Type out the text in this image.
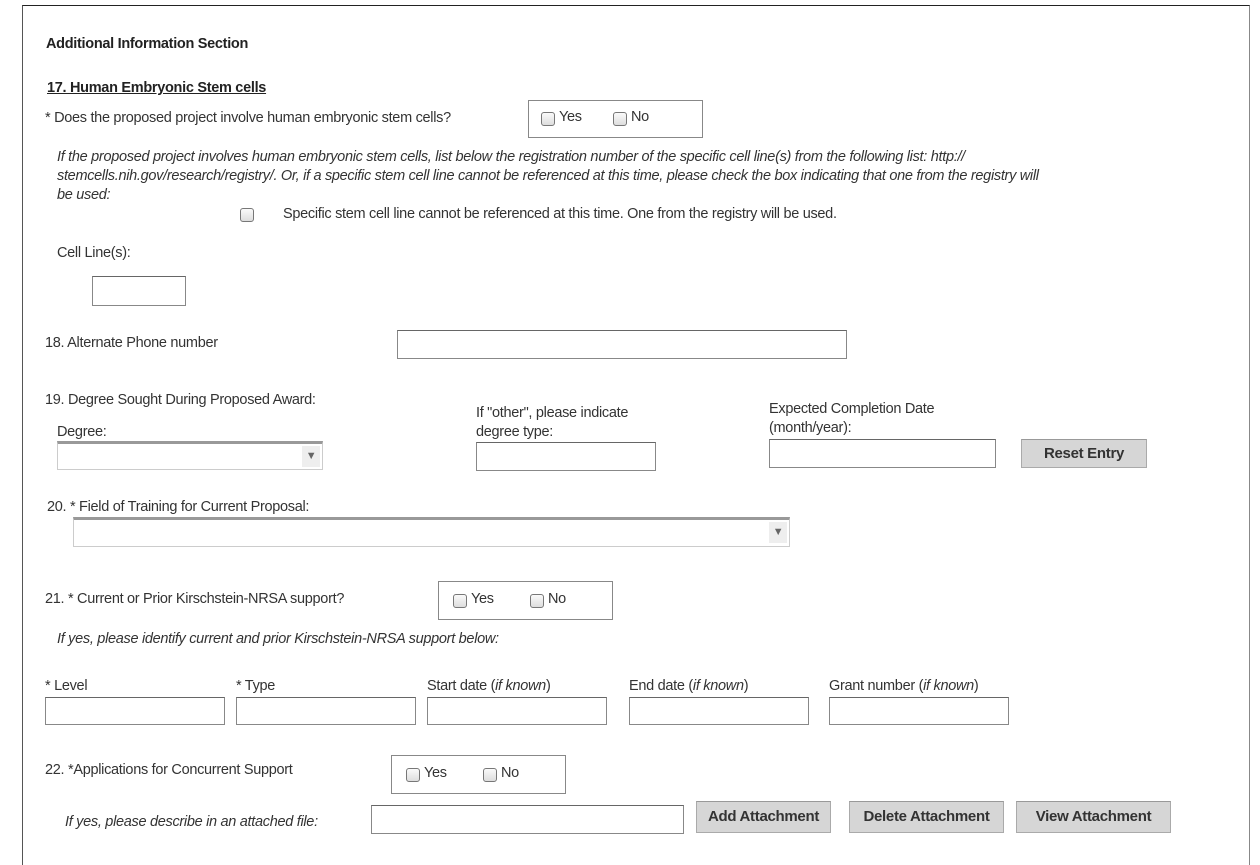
Additional Information Section
17. Human Embryonic Stem cells
* Does the proposed project involve human embryonic stem cells?	Yes	No
If the proposed project involves human embryonic stem cells, list below the registration number of the specific cell line(s) from the following list: http://
stemcells.nih.gov/research/registry/. Or, if a specific stem cell line cannot be referenced at this time, please check the box indicating that one from the registry will
be used:
Specific stem cell line cannot be referenced at this time. One from the registry will be used.
Cell Line(s):
18. Alternate Phone number
19. Degree Sought During Proposed Award:
Degree:
▼
If "other", please indicate
degree type:
Expected Completion Date
(month/year):
Reset Entry
20. * Field of Training for Current Proposal:
▼
21. * Current or Prior Kirschstein-NRSA support?	Yes	No
If yes, please identify current and prior Kirschstein-NRSA support below:
* Level	* Type	Start date (if known)	End date (if known)	Grant number (if known)
22. *Applications for Concurrent Support	Yes	No
If yes, please describe in an attached file:	Add Attachment	Delete Attachment	View Attachment
